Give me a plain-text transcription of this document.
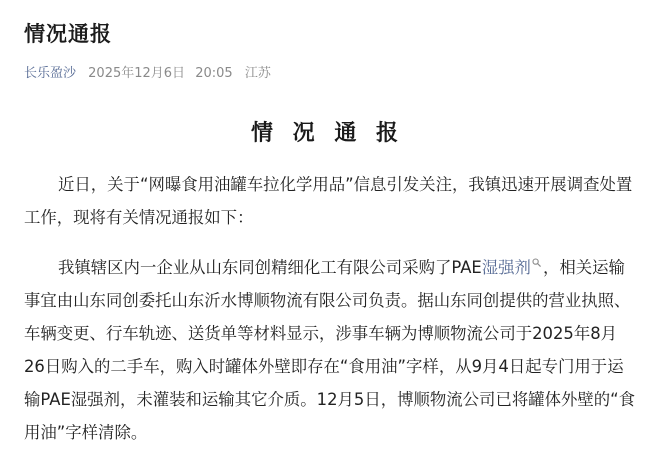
情况通报
长乐盈沙 2025年12月6日 20:05 江苏
情 况 通 报

近日，关于“网曝食用油罐车拉化学用品”信息引发关注，我镇迅速开展调查处置工作，现将有关情况通报如下：

我镇辖区内一企业从山东同创精细化工有限公司采购了PAE湿强剂 ，相关运输事宜由山东同创委托山东沂水博顺物流有限公司负责。据山东同创提供的营业执照、车辆变更、行车轨迹、送货单等材料显示，涉事车辆为博顺物流公司于2025年8月26日购入的二手车，购入时罐体外壁即存在“食用油”字样，从9月4日起专门用于运输PAE湿强剂，未灌装和运输其它介质。12月5日，博顺物流公司已将罐体外壁的“食用油”字样清除。
